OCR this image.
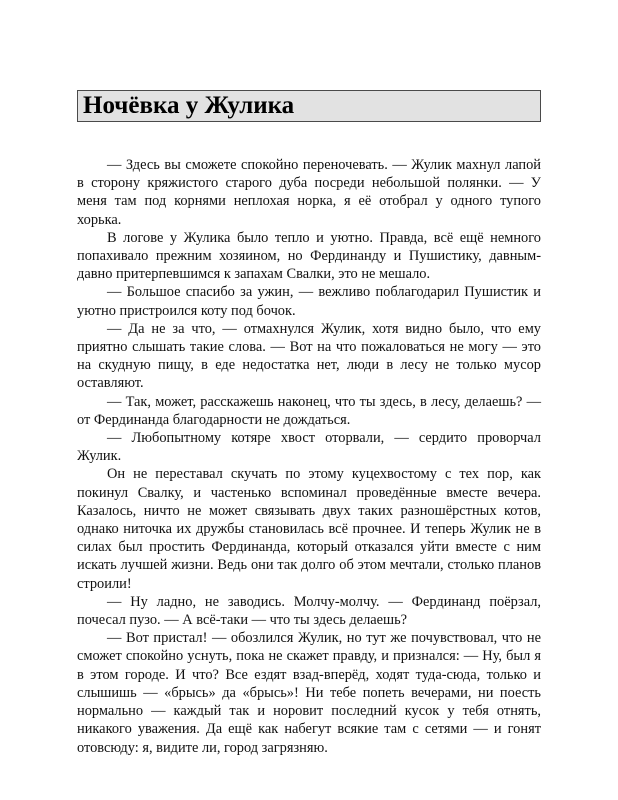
Ночёвка у Жулика

— Здесь вы сможете спокойно переночевать. — Жулик махнул лапой в сторону кряжистого старого дуба посреди небольшой полянки. — У меня там под корнями неплохая норка, я её отобрал у одного тупого хорька.

В логове у Жулика было тепло и уютно. Правда, всё ещё немного попахивало прежним хозяином, но Фердинанду и Пушистику, давным-давно притерпевшимся к запахам Свалки, это не мешало.

— Большое спасибо за ужин, — вежливо поблагодарил Пушистик и уютно пристроился коту под бочок.

— Да не за что, — отмахнулся Жулик, хотя видно было, что ему приятно слышать такие слова. — Вот на что пожаловаться не могу — это на скудную пищу, в еде недостатка нет, люди в лесу не только мусор оставляют.

— Так, может, расскажешь наконец, что ты здесь, в лесу, делаешь? — от Фердинанда благодарности не дождаться.

— Любопытному котяре хвост оторвали, — сердито проворчал Жулик.

Он не переставал скучать по этому куцехвостому с тех пор, как покинул Свалку, и частенько вспоминал проведённые вместе вечера. Казалось, ничто не может связывать двух таких разношёрстных котов, однако ниточка их дружбы становилась всё прочнее. И теперь Жулик не в силах был простить Фердинанда, который отказался уйти вместе с ним искать лучшей жизни. Ведь они так долго об этом мечтали, столько планов строили!

— Ну ладно, не заводись. Молчу-молчу. — Фердинанд поёрзал, почесал пузо. — А всё-таки — что ты здесь делаешь?

— Вот пристал! — обозлился Жулик, но тут же почувствовал, что не сможет спокойно уснуть, пока не скажет правду, и признался: — Ну, был я в этом городе. И что? Все ездят взад-вперёд, ходят туда-сюда, только и слышишь — «брысь» да «брысь»! Ни тебе попеть вечерами, ни поесть нормально — каждый так и норовит последний кусок у тебя отнять, никакого уважения. Да ещё как набегут всякие там с сетями — и гонят отовсюду: я, видите ли, город загрязняю.
